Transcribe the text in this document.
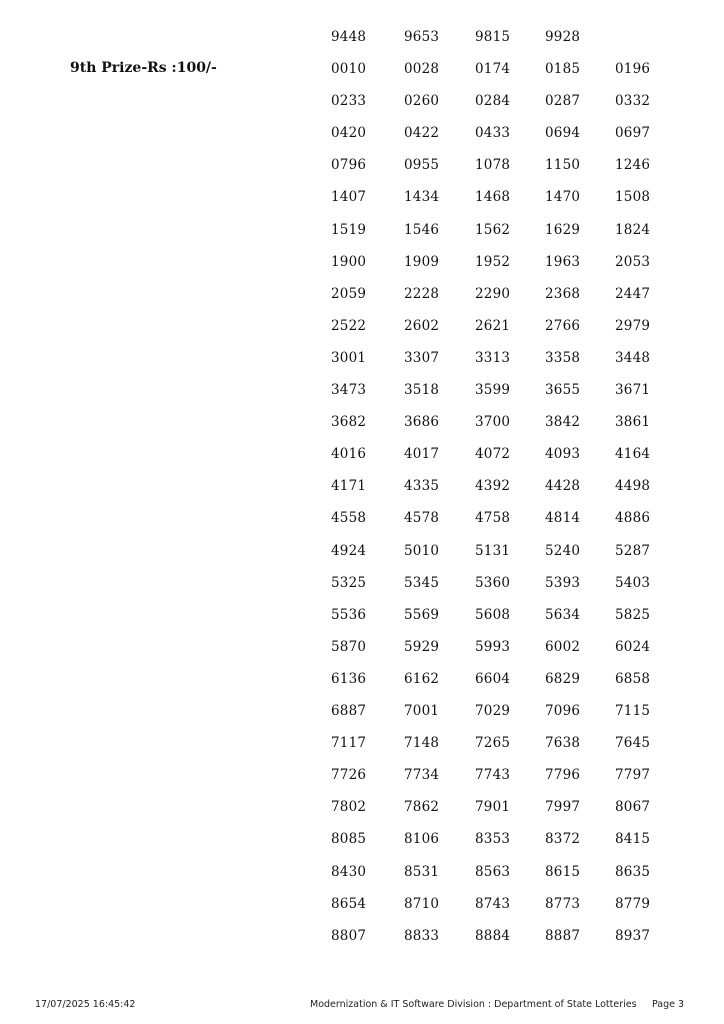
9th Prize-Rs :100/-
9448	9653	9815	9928
0010	0028	0174	0185	0196
0233	0260	0284	0287	0332
0420	0422	0433	0694	0697
0796	0955	1078	1150	1246
1407	1434	1468	1470	1508
1519	1546	1562	1629	1824
1900	1909	1952	1963	2053
2059	2228	2290	2368	2447
2522	2602	2621	2766	2979
3001	3307	3313	3358	3448
3473	3518	3599	3655	3671
3682	3686	3700	3842	3861
4016	4017	4072	4093	4164
4171	4335	4392	4428	4498
4558	4578	4758	4814	4886
4924	5010	5131	5240	5287
5325	5345	5360	5393	5403
5536	5569	5608	5634	5825
5870	5929	5993	6002	6024
6136	6162	6604	6829	6858
6887	7001	7029	7096	7115
7117	7148	7265	7638	7645
7726	7734	7743	7796	7797
7802	7862	7901	7997	8067
8085	8106	8353	8372	8415
8430	8531	8563	8615	8635
8654	8710	8743	8773	8779
8807	8833	8884	8887	8937
17/07/2025 16:45:42	Modernization & IT Software Division : Department of State Lotteries Page 3
